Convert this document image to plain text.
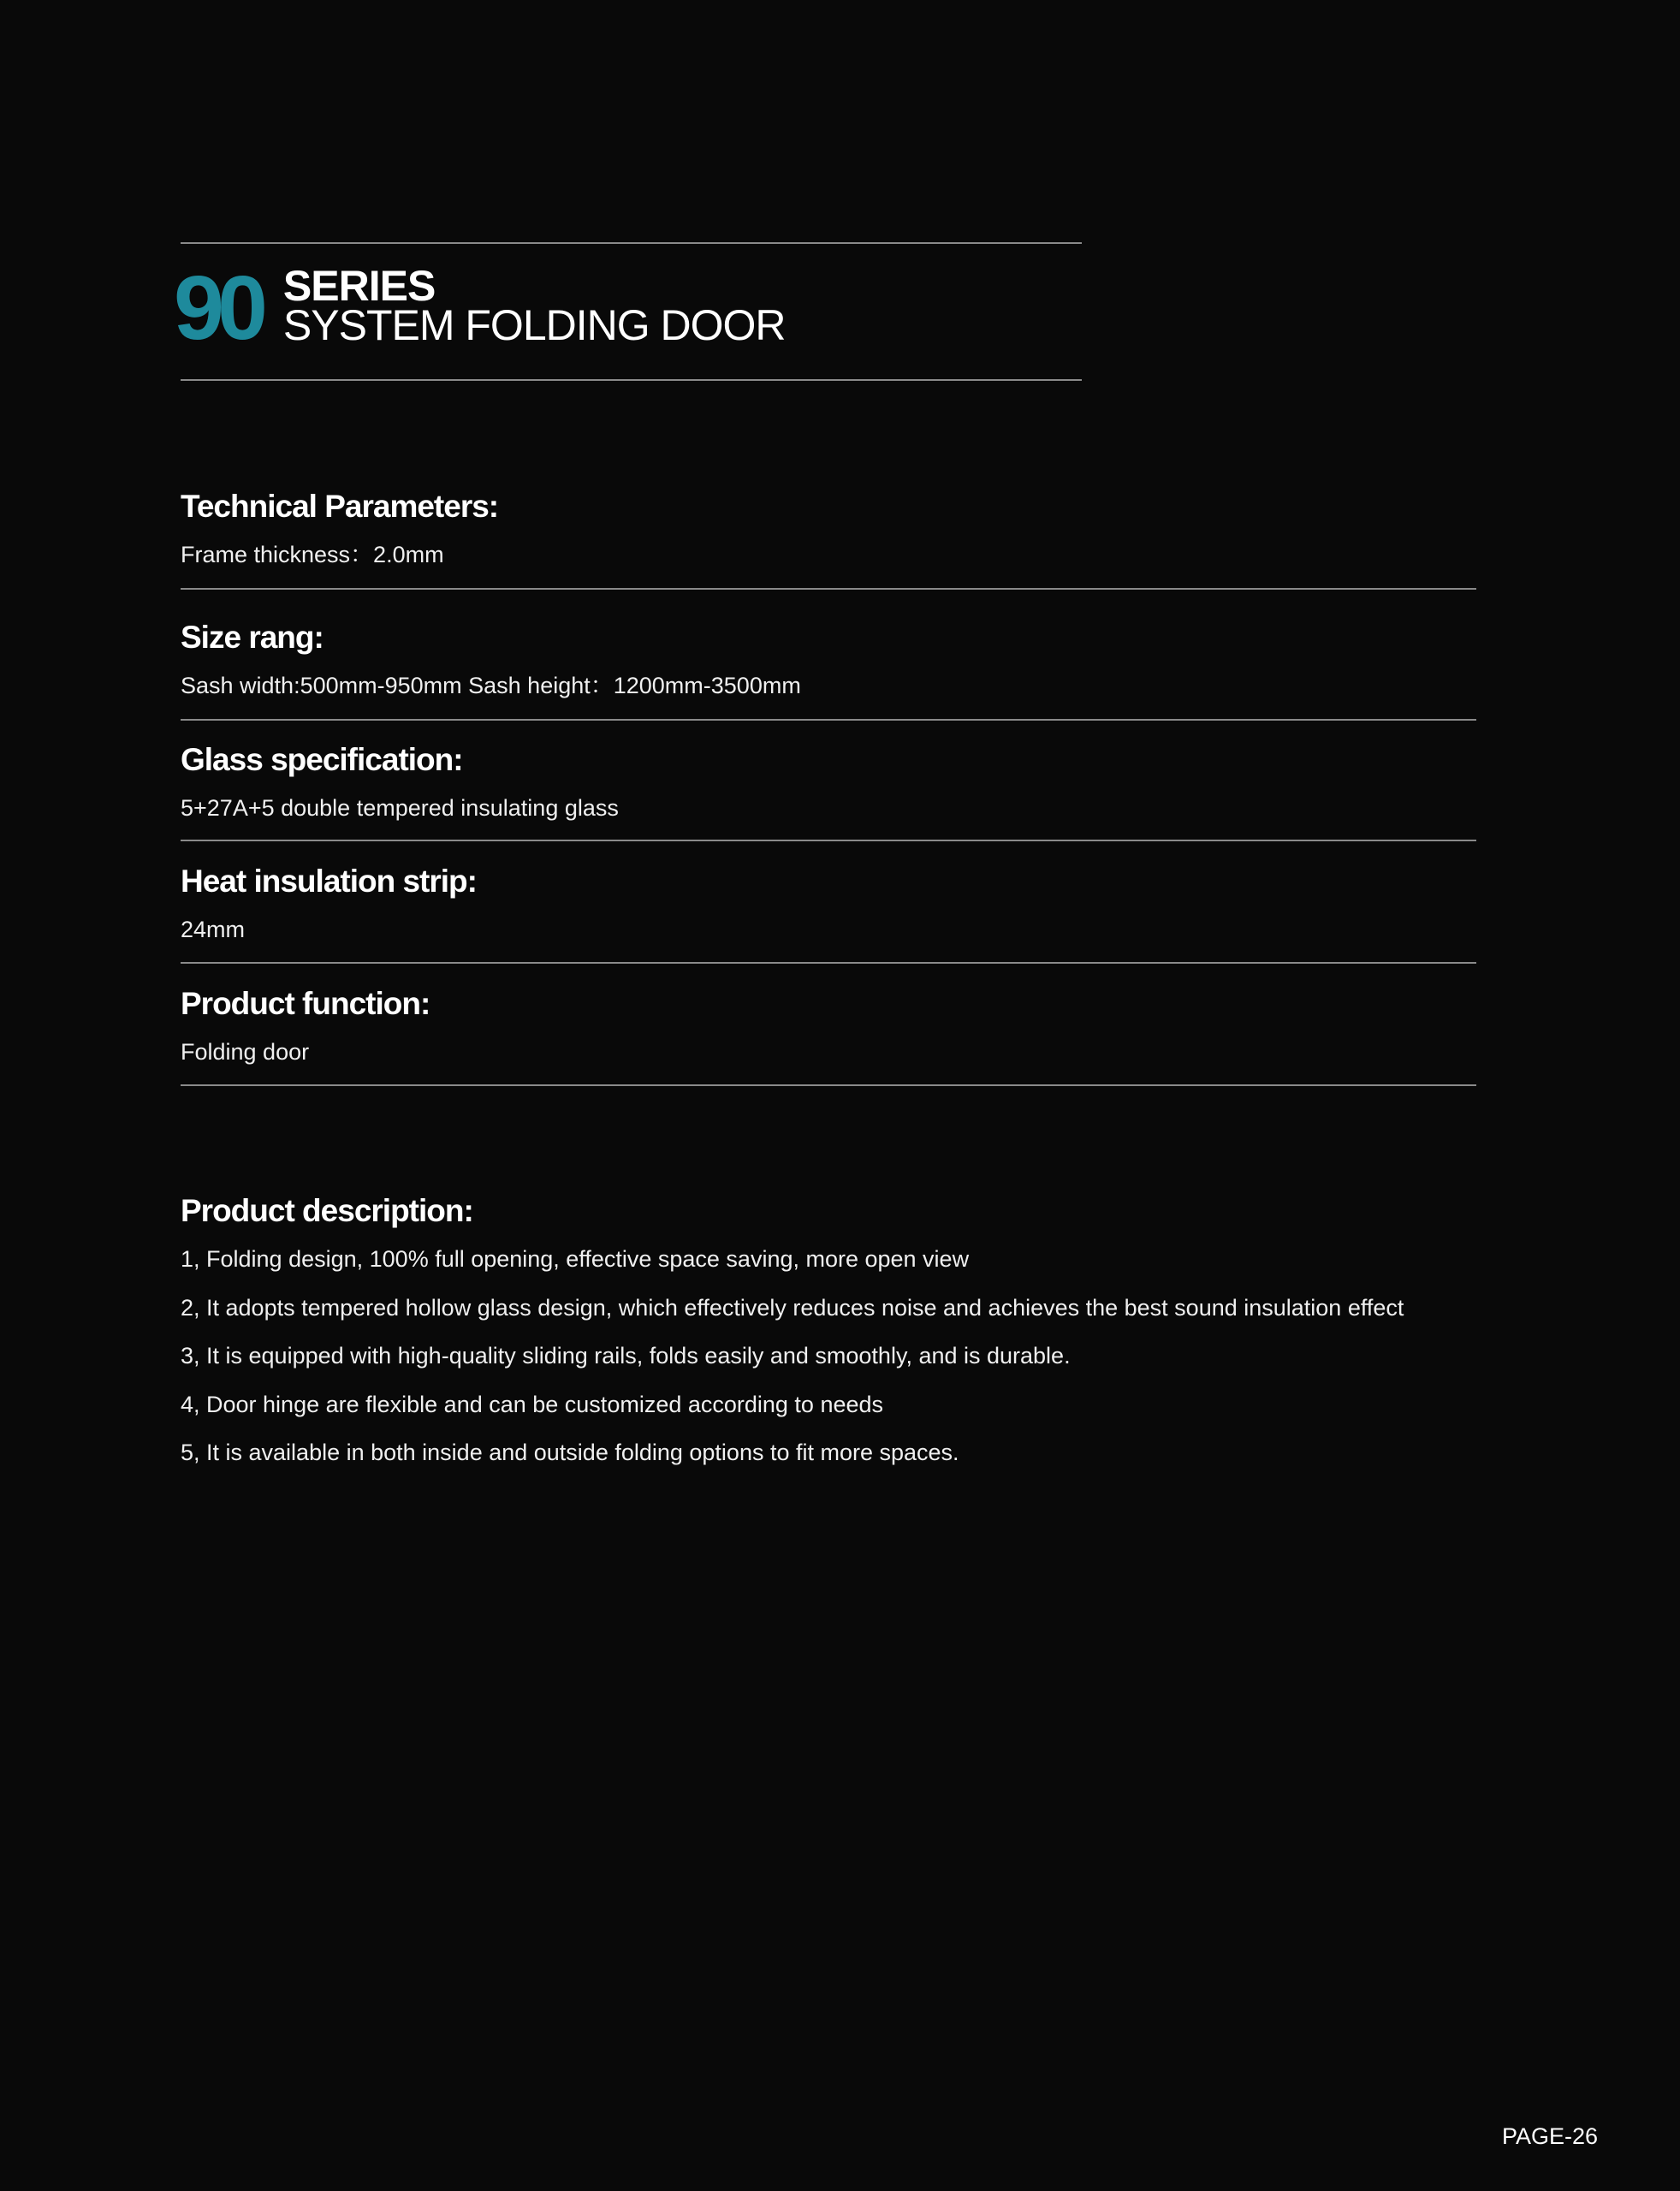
90 SERIES
SYSTEM FOLDING DOOR
Technical Parameters:
Frame thickness：2.0mm
Size rang:
Sash width:500mm-950mm Sash height：1200mm-3500mm
Glass specification:
5+27A+5 double tempered insulating glass
Heat insulation strip:
24mm
Product function:
Folding door
Product description:
1, Folding design, 100% full opening, effective space saving, more open view
2, It adopts tempered hollow glass design, which effectively reduces noise and achieves the best sound insulation effect
3, It is equipped with high-quality sliding rails, folds easily and smoothly, and is durable.
4, Door hinge are flexible and can be customized according to needs
5, It is available in both inside and outside folding options to fit more spaces.
PAGE-26
